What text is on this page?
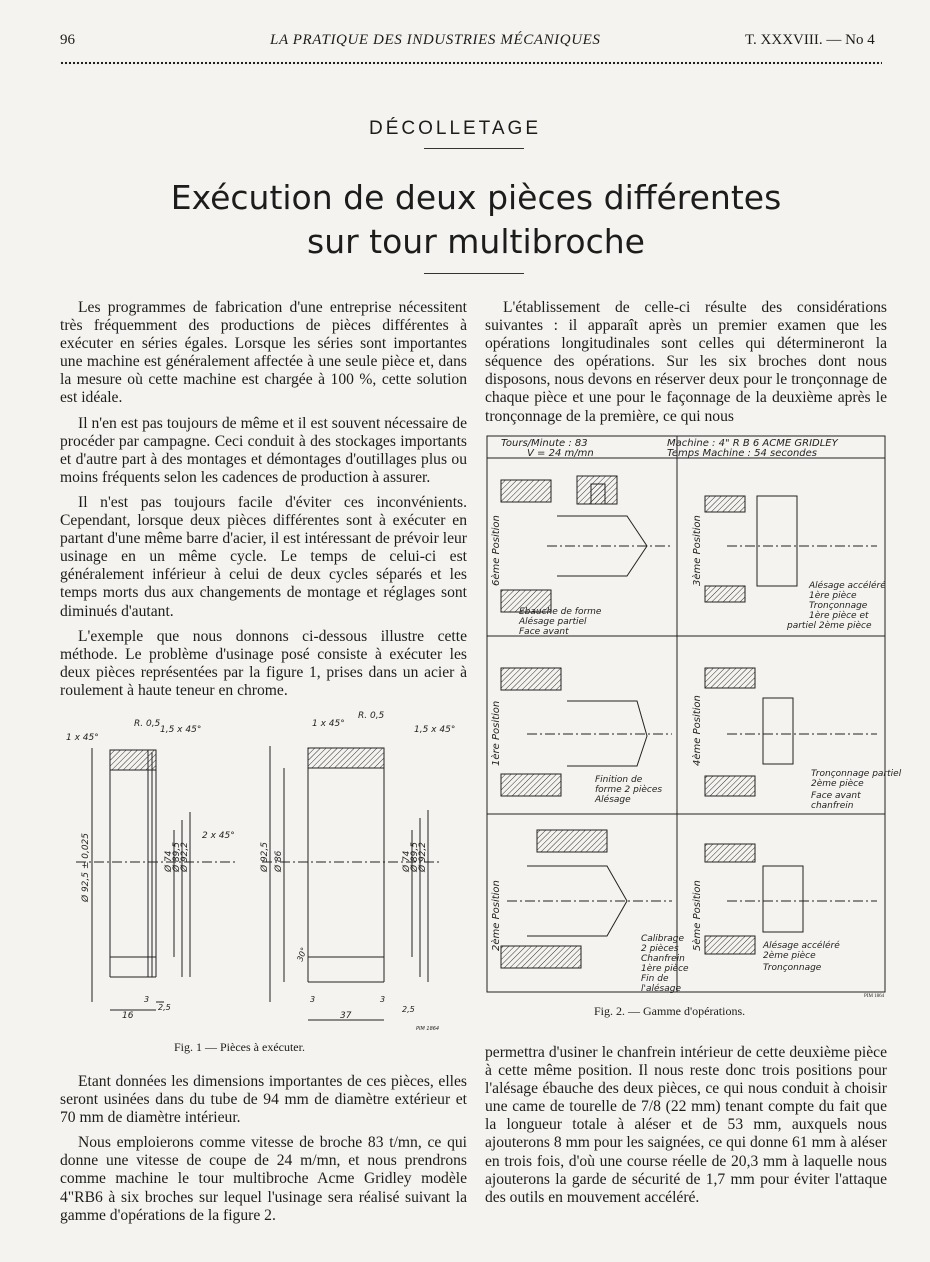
96	LA PRATIQUE DES INDUSTRIES MÉCANIQUES	T. XXXVIII. — No 4
DÉCOLLETAGE
Exécution de deux pièces différentes
sur tour multibroche

Les programmes de fabrication d'une entreprise nécessitent très fréquemment des productions de pièces différentes à exécuter en séries égales. Lorsque les séries sont importantes une machine est généralement affectée à une seule pièce et, dans la mesure où cette machine est chargée à 100 %, cette solution est idéale.

Il n'en est pas toujours de même et il est souvent nécessaire de procéder par campagne. Ceci conduit à des stockages importants et d'autre part à des montages et démontages d'outillages plus ou moins fréquents selon les cadences de production à assurer.

Il n'est pas toujours facile d'éviter ces inconvénients. Cependant, lorsque deux pièces différentes sont à exécuter en partant d'une même barre d'acier, il est intéressant de prévoir leur usinage en un même cycle. Le temps de celui-ci est généralement inférieur à celui de deux cycles séparés et les temps morts dus aux changements de montage et réglages sont diminués d'autant.

L'exemple que nous donnons ci-dessous illustre cette méthode. Le problème d'usinage posé consiste à exécuter les deux pièces représentées par la figure 1, prises dans un acier à roulement à haute teneur en chrome.

1 x 45°
R. 0,5
1,5 x 45°
2 x 45°
Ø 92,5 ± 0,025	Ø 74
Ø 89,5
Ø 92,2
3
2,5
16
1 x 45°
R. 0,5
1,5 x 45°
Ø 92,5 Ø 86	Ø 74
Ø 89,5
Ø 92,2
30°
3	3
2,5
37
PIM 1864
Fig. 1 — Pièces à exécuter.

Etant données les dimensions importantes de ces pièces, elles seront usinées dans du tube de 94 mm de diamètre extérieur et 70 mm de diamètre intérieur.

Nous emploierons comme vitesse de broche 83 t/mn, ce qui donne une vitesse de coupe de 24 m/mn, et nous prendrons comme machine le tour multibroche Acme Gridley modèle 4"RB6 à six broches sur lequel l'usinage sera réalisé suivant la gamme d'opérations de la figure 2.

L'établissement de celle-ci résulte des considérations suivantes : il apparaît après un premier examen que les opérations longitudinales sont celles qui détermineront la séquence des opérations. Sur les six broches dont nous disposons, nous devons en réserver deux pour le tronçonnage de chaque pièce et une pour le façonnage de la deuxième après le tronçonnage de la première, ce qui nous

Tours/Minute : 83
V = 24 m/mn
Machine : 4" R B 6 ACME GRIDLEY
Temps Machine : 54 secondes
6ème Position
Ebauche de forme
Alésage partiel
Face avant
3ème Position	Alésage accéléré
1ère pièce
Tronçonnage
1ère pièce et
partiel 2ème pièce
1ère Position
Finition de
forme 2 pièces
Alésage
4ème Position
Tronçonnage partiel
2ème pièce
Face avant
chanfrein
2ème Position	Calibrage
2 pièces
Chanfrein
1ère pièce
Fin de
l'alésage
5ème Position	Alésage accéléré
2ème pièce
Tronçonnage
PIM 1864
Fig. 2. — Gamme d'opérations.

permettra d'usiner le chanfrein intérieur de cette deuxième pièce à cette même position. Il nous reste donc trois positions pour l'alésage ébauche des deux pièces, ce qui nous conduit à choisir une came de tourelle de 7/8 (22 mm) tenant compte du fait que la longueur totale à aléser et de 53 mm, auxquels nous ajouterons 8 mm pour les saignées, ce qui donne 61 mm à aléser en trois fois, d'où une course réelle de 20,3 mm à laquelle nous ajouterons la garde de sécurité de 1,7 mm pour éviter l'attaque des outils en mouvement accéléré.
